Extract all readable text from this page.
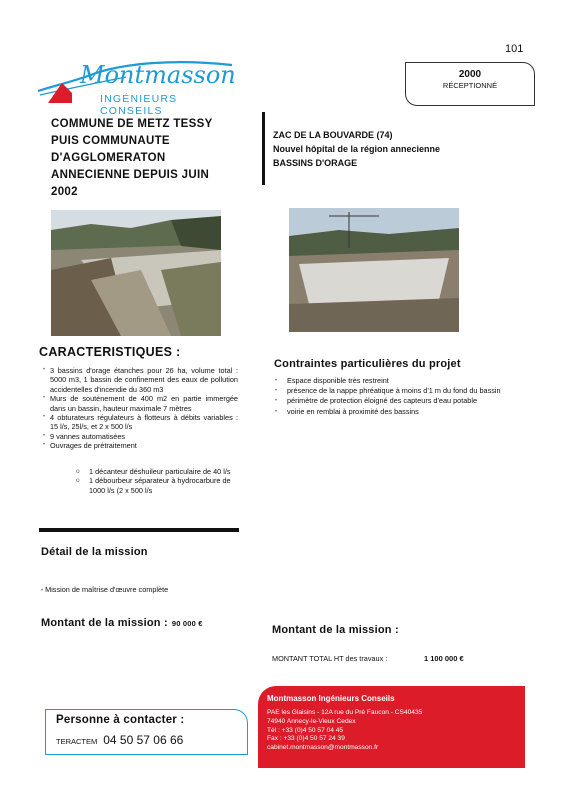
101
Montmasson
INGÉNIEURS CONSEILS
2000
RÉCEPTIONNÉ
COMMUNE DE METZ TESSY
PUIS COMMUNAUTE
D'AGGLOMERATON
ANNECIENNE DEPUIS JUIN
2002
ZAC DE LA BOUVARDE (74)
Nouvel hôpital de la région annecienne
BASSINS D'ORAGE
CARACTERISTIQUES :
• 3 bassins d'orage étanches pour 26 ha, volume total : 5000 m3, 1 bassin de confinement des eaux de pollution accidentelles d'incendie du 360 m3
• Murs de soutènement de 400 m2 en partie immergée dans un bassin, hauteur maximale 7 mètres
• 4 obturateurs régulateurs à flotteurs à débits variables : 15 l/s, 25l/s, et 2 x 500 l/s
• 9 vannes automatisées
• Ouvrages de prétraitement
o 1 décanteur déshuileur particulaire de 40 l/s
o 1 débourbeur séparateur à hydrocarbure de 1000 l/s (2 x 500 l/s
Contraintes particulières du projet
• Espace disponible très restreint
• présence de la nappe phréatique à moins d'1 m du fond du bassin
• périmètre de protection éloigné des capteurs d'eau potable
• voirie en remblai à proximité des bassins
Détail de la mission
• Mission de maîtrise d'œuvre complète
Montant de la mission : 90 000 €
Montant de la mission :
MONTANT TOTAL HT des travaux :	1 100 000 €
Personne à contacter :
TERACTEM 04 50 57 06 66
Montmasson Ingénieurs Conseils
PAE les Glaisins - 12A rue du Pré Faucon - CS40435
74940 Annecy-le-Vieux Cedex
Tél : +33 (0)4 50 57 04 45
Fax : +33 (0)4 50 57 24 39
cabinet.montmasson@montmasson.fr
